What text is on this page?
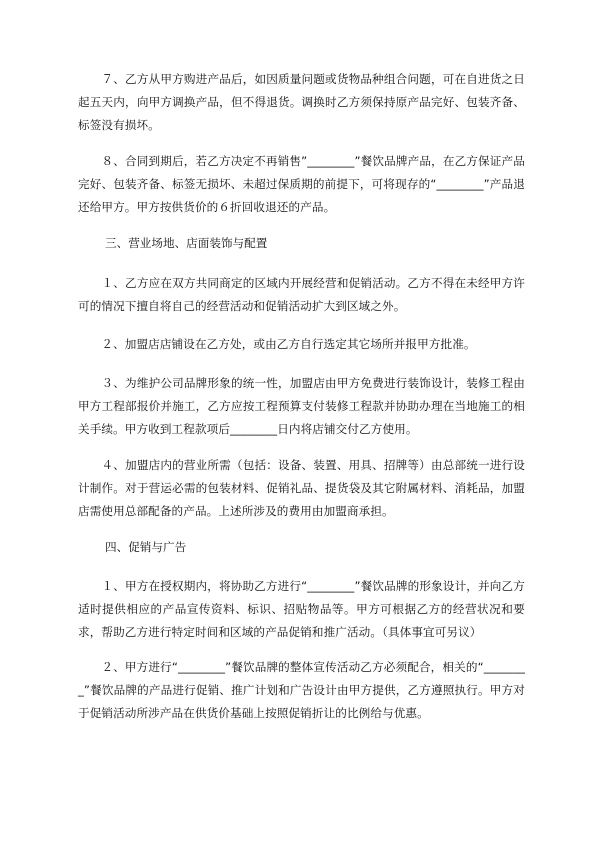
　　７、乙方从甲方购进产品后，如因质量问题或货物品种组合问题，可在自进货之日起五天内，向甲方调换产品，但不得退货。调换时乙方须保持原产品完好、包装齐备、标签没有损坏。
　　８、合同到期后，若乙方决定不再销售”________”餐饮品牌产品，在乙方保证产品完好、包装齐备、标签无损坏、未超过保质期的前提下，可将现存的“________”产品退还给甲方。甲方按供货价的６折回收退还的产品。
三、营业场地、店面装饰与配置
　　１、乙方应在双方共同商定的区域内开展经营和促销活动。乙方不得在未经甲方许可的情况下擅自将自己的经营活动和促销活动扩大到区域之外。
　　２、加盟店店铺设在乙方处，或由乙方自行选定其它场所并报甲方批准。
　　３、为维护公司品牌形象的统一性，加盟店由甲方免费进行装饰设计，装修工程由甲方工程部报价并施工，乙方应按工程预算支付装修工程款并协助办理在当地施工的相关手续。甲方收到工程款项后________日内将店铺交付乙方使用。
　　４、加盟店内的营业所需（包括：设备、装置、用具、招牌等）由总部统一进行设计制作。对于营运必需的包装材料、促销礼品、提货袋及其它附属材料、消耗品，加盟店需使用总部配备的产品。上述所涉及的费用由加盟商承担。
四、促销与广告
　　１、甲方在授权期内，将协助乙方进行“________”餐饮品牌的形象设计，并向乙方适时提供相应的产品宣传资料、标识、招贴物品等。甲方可根据乙方的经营状况和要求，帮助乙方进行特定时间和区域的产品促销和推广活动。（具体事宜可另议）
　　２、甲方进行“________”餐饮品牌的整体宣传活动乙方必须配合，相关的“________”餐饮品牌的产品进行促销、推广计划和广告设计由甲方提供，乙方遵照执行。甲方对于促销活动所涉产品在供货价基础上按照促销折让的比例给与优惠。
